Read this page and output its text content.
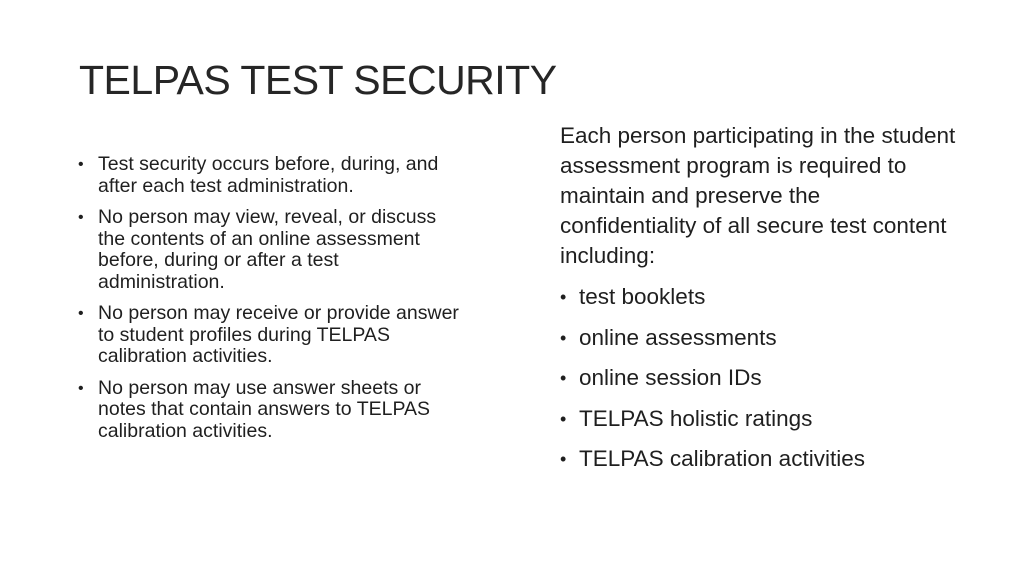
TELPAS TEST SECURITY
• Test security occurs before, during, and after each test administration.
• No person may view, reveal, or discuss the contents of an online assessment before, during or after a test administration.
• No person may receive or provide answer to student profiles during TELPAS calibration activities.
• No person may use answer sheets or notes that contain answers to TELPAS calibration activities.

Each person participating in the student assessment program is required to maintain and preserve the confidentiality of all secure test content including:

• test booklets
• online assessments
• online session IDs
• TELPAS holistic ratings
• TELPAS calibration activities
